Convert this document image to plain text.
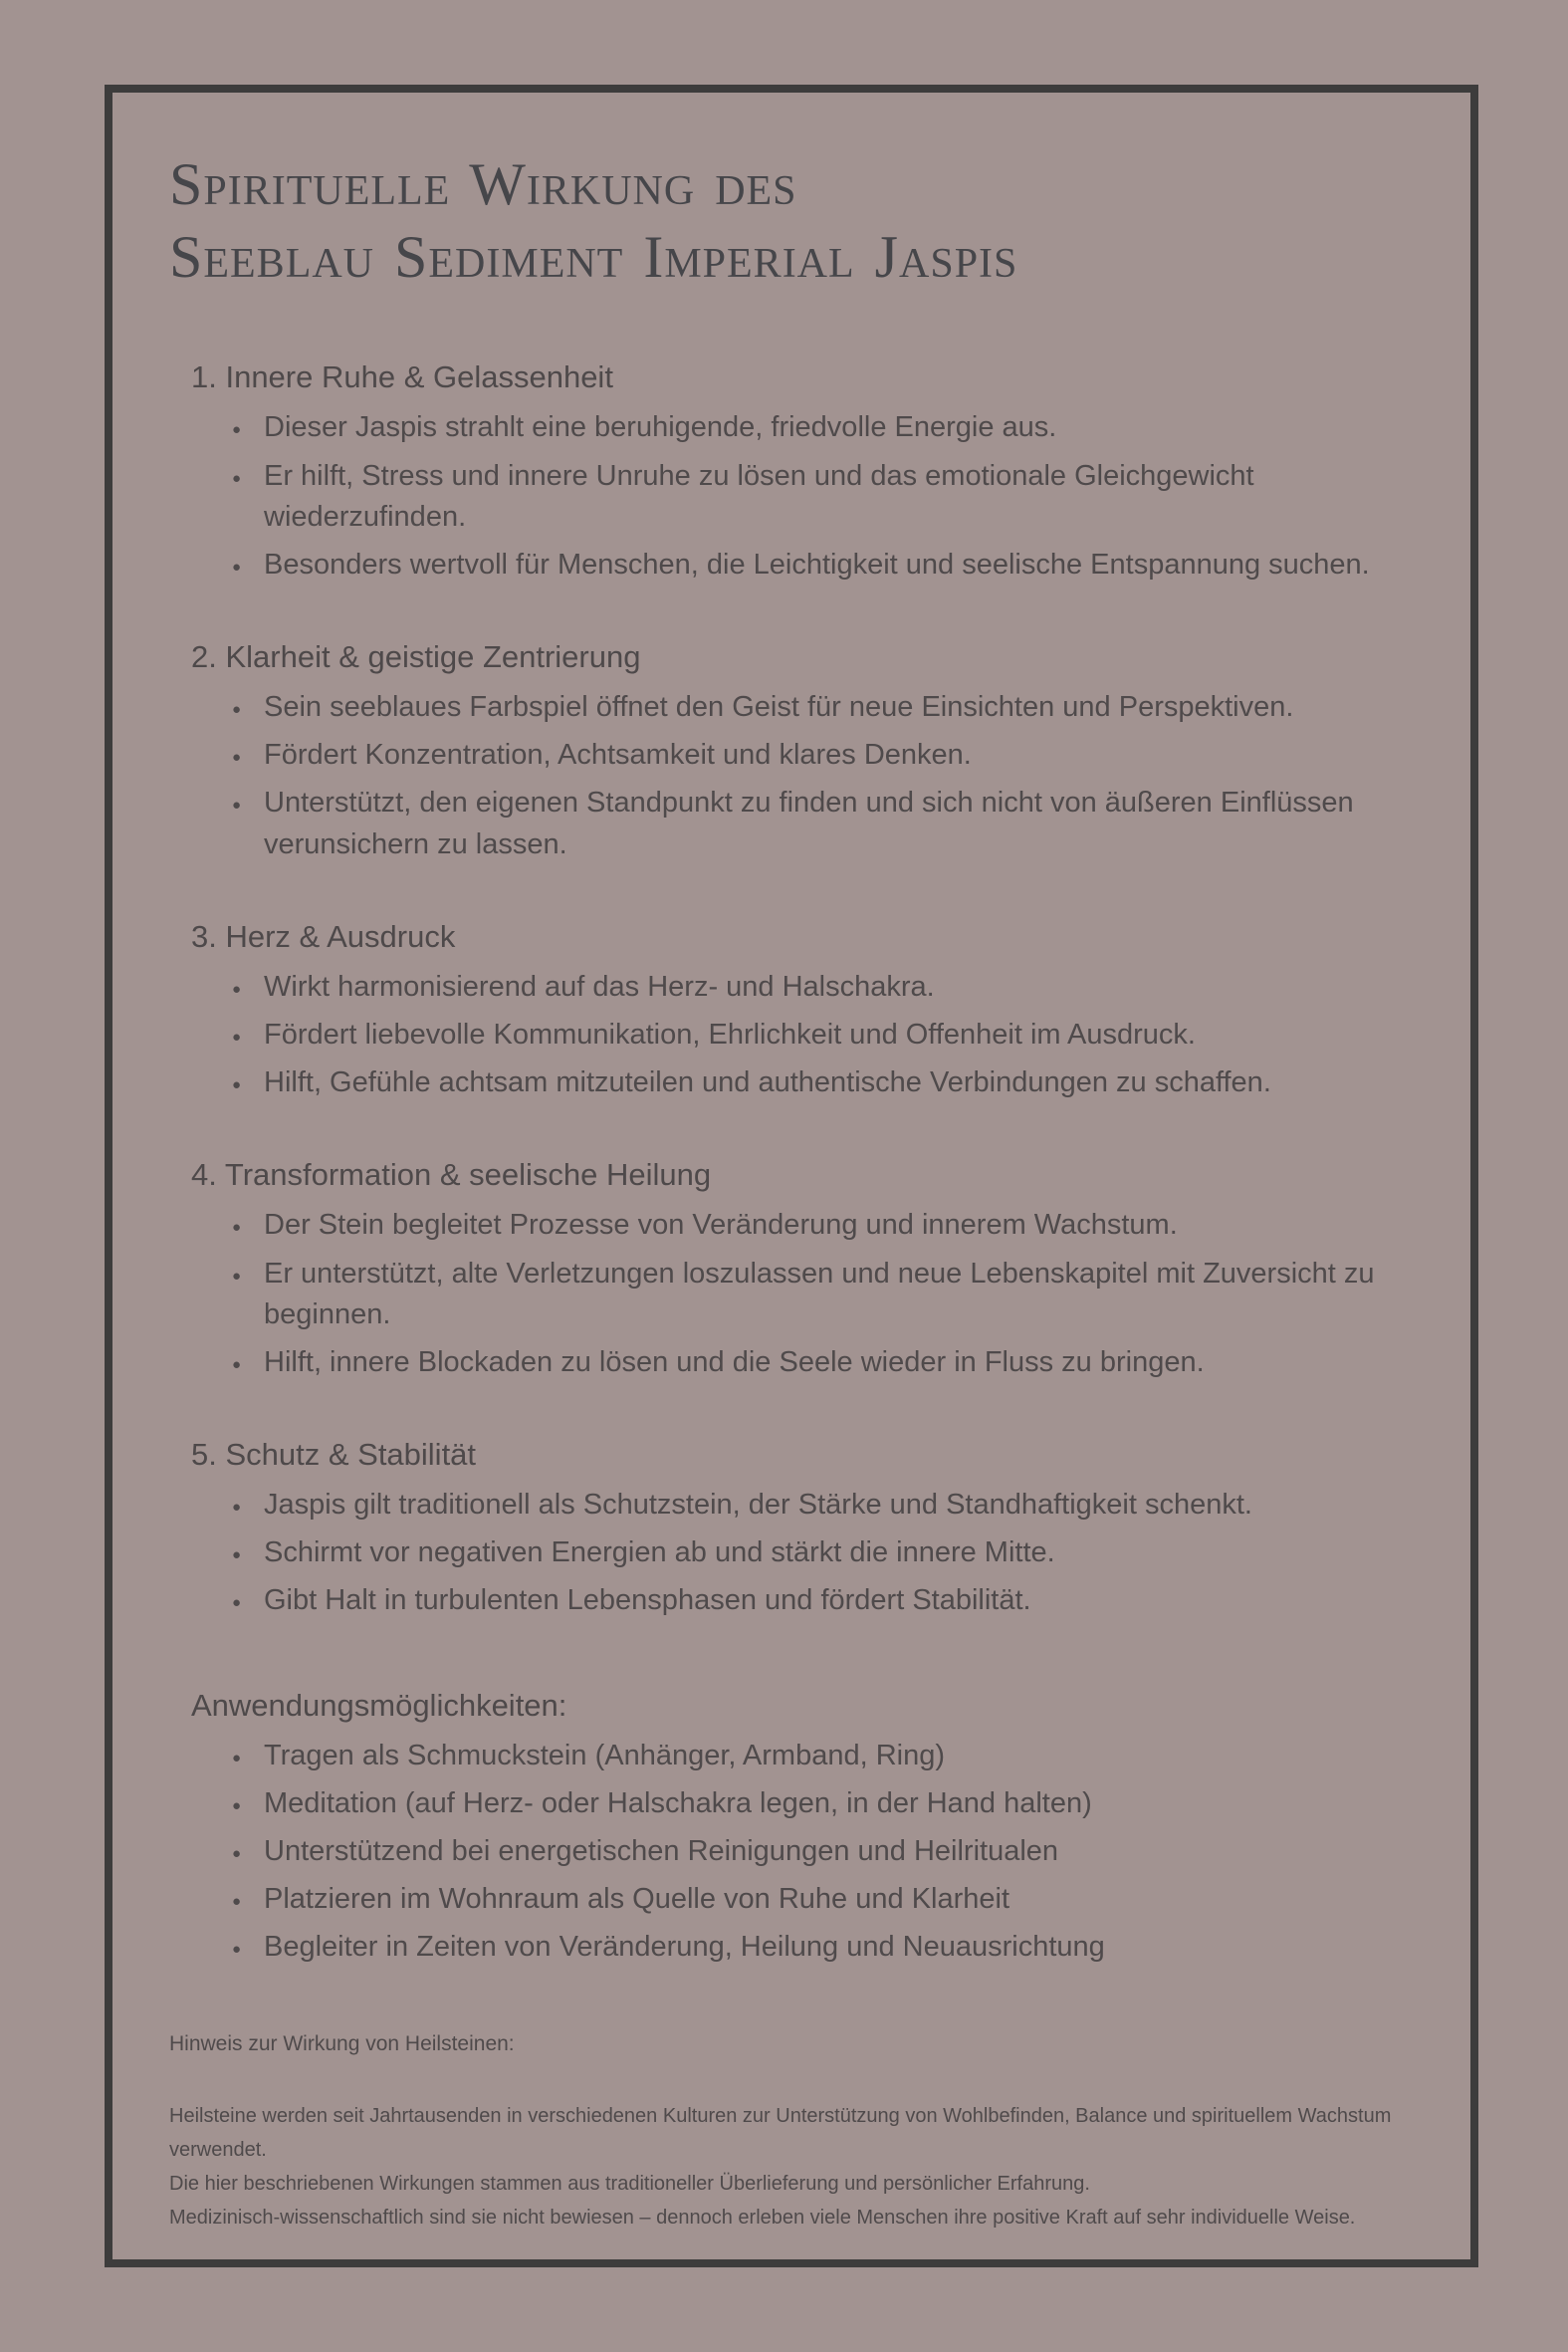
Spirituelle Wirkung des
Seeblau Sediment Imperial Jaspis
1. Innere Ruhe & Gelassenheit
● Dieser Jaspis strahlt eine beruhigende, friedvolle Energie aus.
● Er hilft, Stress und innere Unruhe zu lösen und das emotionale Gleichgewicht wiederzufinden.
● Besonders wertvoll für Menschen, die Leichtigkeit und seelische Entspannung suchen.
2. Klarheit & geistige Zentrierung
● Sein seeblaues Farbspiel öffnet den Geist für neue Einsichten und Perspektiven.
● Fördert Konzentration, Achtsamkeit und klares Denken.
● Unterstützt, den eigenen Standpunkt zu finden und sich nicht von äußeren Einflüssen verunsichern zu lassen.
3. Herz & Ausdruck
● Wirkt harmonisierend auf das Herz- und Halschakra.
● Fördert liebevolle Kommunikation, Ehrlichkeit und Offenheit im Ausdruck.
● Hilft, Gefühle achtsam mitzuteilen und authentische Verbindungen zu schaffen.
4. Transformation & seelische Heilung
● Der Stein begleitet Prozesse von Veränderung und innerem Wachstum.
● Er unterstützt, alte Verletzungen loszulassen und neue Lebenskapitel mit Zuversicht zu beginnen.
● Hilft, innere Blockaden zu lösen und die Seele wieder in Fluss zu bringen.
5. Schutz & Stabilität
● Jaspis gilt traditionell als Schutzstein, der Stärke und Standhaftigkeit schenkt.
● Schirmt vor negativen Energien ab und stärkt die innere Mitte.
● Gibt Halt in turbulenten Lebensphasen und fördert Stabilität.
Anwendungsmöglichkeiten:
● Tragen als Schmuckstein (Anhänger, Armband, Ring)
● Meditation (auf Herz- oder Halschakra legen, in der Hand halten)
● Unterstützend bei energetischen Reinigungen und Heilritualen
● Platzieren im Wohnraum als Quelle von Ruhe und Klarheit
● Begleiter in Zeiten von Veränderung, Heilung und Neuausrichtung
Hinweis zur Wirkung von Heilsteinen:
Heilsteine werden seit Jahrtausenden in verschiedenen Kulturen zur Unterstützung von Wohlbefinden, Balance und spirituellem Wachstum verwendet.
Die hier beschriebenen Wirkungen stammen aus traditioneller Überlieferung und persönlicher Erfahrung.
Medizinisch-wissenschaftlich sind sie nicht bewiesen – dennoch erleben viele Menschen ihre positive Kraft auf sehr individuelle Weise.
